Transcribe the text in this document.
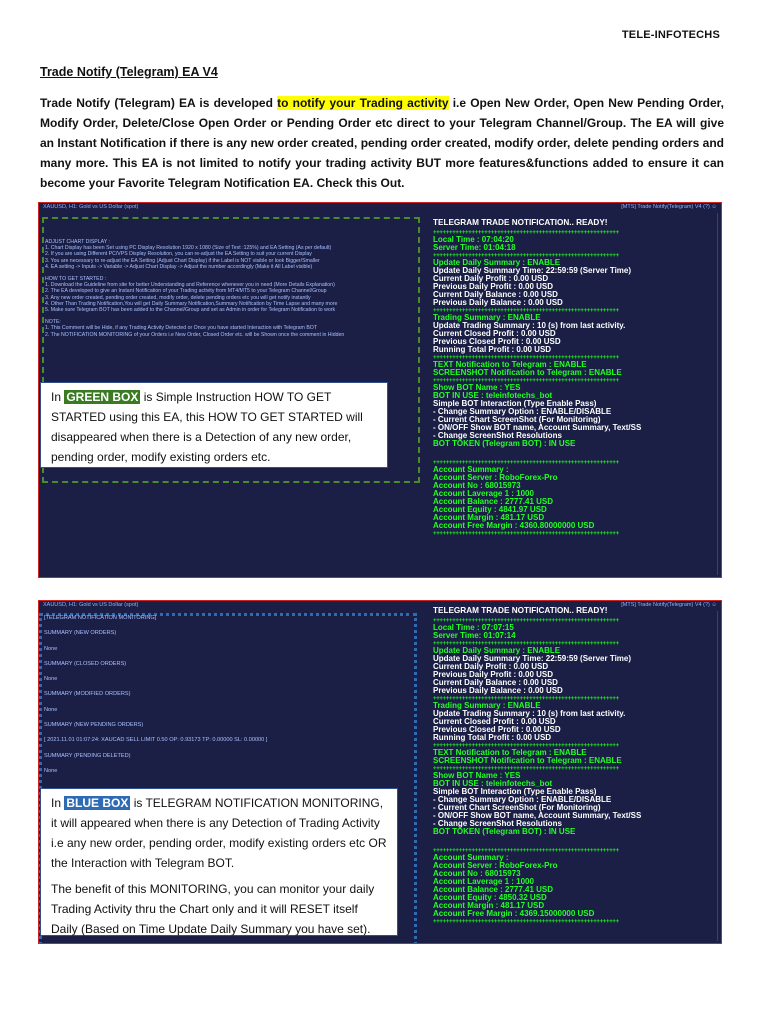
TELE-INFOTECHS
Trade Notify (Telegram) EA V4
Trade Notify (Telegram) EA is developed to notify your Trading activity i.e Open New Order, Open New Pending Order, Modify Order, Delete/Close Open Order or Pending Order etc direct to your Telegram Channel/Group. The EA will give an Instant Notification if there is any new order created, pending order created, modify order, delete pending orders and many more. This EA is not limited to notify your trading activity BUT more features&functions added to ensure it can become your Favorite Telegram Notification EA. Check this Out.
XAUUSD, H1: Gold vs US Dollar (spot)	[MTS] Trade Notify(Telegram) V4 (?) ☺

ADJUST CHART DISPLAY :

1. Chart Display has been Set using PC Display Resolution 1920 x 1080 (Size of Text :125%) and EA Setting (As per default)

2. If you are using Different PC/VPS Display Resolution, you can re-adjust the EA Setting to suit your current Display

3. You are necessary to re-adjust the EA Setting (Adjust Chart Display) if the Label is NOT visible or look Bigger/Smaller

4. EA setting -> Inputs -> Variable -> Adjust Chart Display -> Adjust the number accordingly (Make it All Label visible)

HOW TO GET STARTED :

1. Download the Guideline from site for better Understanding and Reference whenever you in need (More Details Explanation)

2. The EA developed to give an Instant Notification of your Trading activity from MT4/MT5 to your Telegram Channel/Group

3. Any new order created, pending order created, modify order, delete pending orders etc you will get notify instantly

4. Other Than Trading Notification,You will get Daily Summary Notification,Summary Notification by Time Lapse and many more

5. Make sure Telegram BOT has been added to the Channel/Group and set as Admin in order for Telegram Notification to work

NOTE:

1. This Comment will be Hide, if any Trading Activity Detected or Once you have started Interaction with Telegram BOT

2. The NOTIFICATION MONITORING of your Orders i.e New Order, Closed Order etc. will be Shown once the comment in Hidden

TELEGRAM TRADE NOTIFICATION.. READY!
++++++++++++++++++++++++++++++++++++++++++++++++++++++++++
Local Time : 07:04:20
Server Time: 01:04:18
++++++++++++++++++++++++++++++++++++++++++++++++++++++++++
Update Daily Summary : ENABLE
Update Daily Summary Time: 22:59:59 (Server Time)
Current Daily Profit : 0.00 USD
Previous Daily Profit : 0.00 USD
Current Daily Balance : 0.00 USD
Previous Daily Balance : 0.00 USD
++++++++++++++++++++++++++++++++++++++++++++++++++++++++++
Trading Summary : ENABLE
Update Trading Summary : 10 (s) from last activity.
Current Closed Profit : 0.00 USD
Previous Closed Profit : 0.00 USD
Running Total Profit : 0.00 USD
++++++++++++++++++++++++++++++++++++++++++++++++++++++++++
TEXT Notification to Telegram : ENABLE
SCREENSHOT Notification to Telegram : ENABLE
++++++++++++++++++++++++++++++++++++++++++++++++++++++++++
Show BOT Name : YES
BOT IN USE : teleinfotechs_bot
Simple BOT Interaction (Type Enable Pass)
- Change Summary Option : ENABLE/DISABLE
- Current Chart ScreenShot (For Monitoring)
- ON/OFF Show BOT name, Account Summary, Text/SS
- Change ScreenShot Resolutions
BOT TOKEN (Telegram BOT) : IN USE
++++++++++++++++++++++++++++++++++++++++++++++++++++++++++
Account Summary :
Account Server : RoboForex-Pro
Account No : 68015973
Account Laverage 1 : 1000
Account Balance : 2777.41 USD
Account Equity : 4841.97 USD
Account Margin : 481.17 USD
Account Free Margin : 4360.80000000 USD
++++++++++++++++++++++++++++++++++++++++++++++++++++++++++
In GREEN BOX is Simple Instruction HOW TO GET STARTED using this EA, this HOW TO GET STARTED will disappeared when there is a Detection of any new order, pending order, modify existing orders etc.
XAUUSD, H1: Gold vs US Dollar (spot)	[MTS] Trade Notify(Telegram) V4 (?) ☺
[TELEGRAM NOTIFICATION MONITORING]
SUMMARY (NEW ORDERS)
None
SUMMARY (CLOSED ORDERS)
None
SUMMARY (MODIFIED ORDERS)
None
SUMMARY (NEW PENDING ORDERS)
[ 2021.11.01 01:07:24: XAUCAD SELL LIMIT 0.50 OP: 0.93173 TP: 0.00000 SL: 0.00000 ]
SUMMARY (PENDING DELETED)
None
TELEGRAM TRADE NOTIFICATION.. READY!
++++++++++++++++++++++++++++++++++++++++++++++++++++++++++
Local Time : 07:07:15
Server Time: 01:07:14
++++++++++++++++++++++++++++++++++++++++++++++++++++++++++
Update Daily Summary : ENABLE
Update Daily Summary Time: 22:59:59 (Server Time)
Current Daily Profit : 0.00 USD
Previous Daily Profit : 0.00 USD
Current Daily Balance : 0.00 USD
Previous Daily Balance : 0.00 USD
++++++++++++++++++++++++++++++++++++++++++++++++++++++++++
Trading Summary : ENABLE
Update Trading Summary : 10 (s) from last activity.
Current Closed Profit : 0.00 USD
Previous Closed Profit : 0.00 USD
Running Total Profit : 0.00 USD
++++++++++++++++++++++++++++++++++++++++++++++++++++++++++
TEXT Notification to Telegram : ENABLE
SCREENSHOT Notification to Telegram : ENABLE
++++++++++++++++++++++++++++++++++++++++++++++++++++++++++
Show BOT Name : YES
BOT IN USE : teleinfotechs_bot
Simple BOT Interaction (Type Enable Pass)
- Change Summary Option : ENABLE/DISABLE
- Current Chart ScreenShot (For Monitoring)
- ON/OFF Show BOT name, Account Summary, Text/SS
- Change ScreenShot Resolutions
BOT TOKEN (Telegram BOT) : IN USE
++++++++++++++++++++++++++++++++++++++++++++++++++++++++++
Account Summary :
Account Server : RoboForex-Pro
Account No : 68015973
Account Laverage 1 : 1000
Account Balance : 2777.41 USD
Account Equity : 4850.32 USD
Account Margin : 481.17 USD
Account Free Margin : 4369.15000000 USD
++++++++++++++++++++++++++++++++++++++++++++++++++++++++++

In BLUE BOX is TELEGRAM NOTIFICATION MONITORING, it will appeared when there is any Detection of Trading Activity i.e any new order, pending order, modify existing orders etc OR the Interaction with Telegram BOT.

The benefit of this MONITORING, you can monitor your daily Trading Activity thru the Chart only and it will RESET itself Daily (Based on Time Update Daily Summary you have set).
